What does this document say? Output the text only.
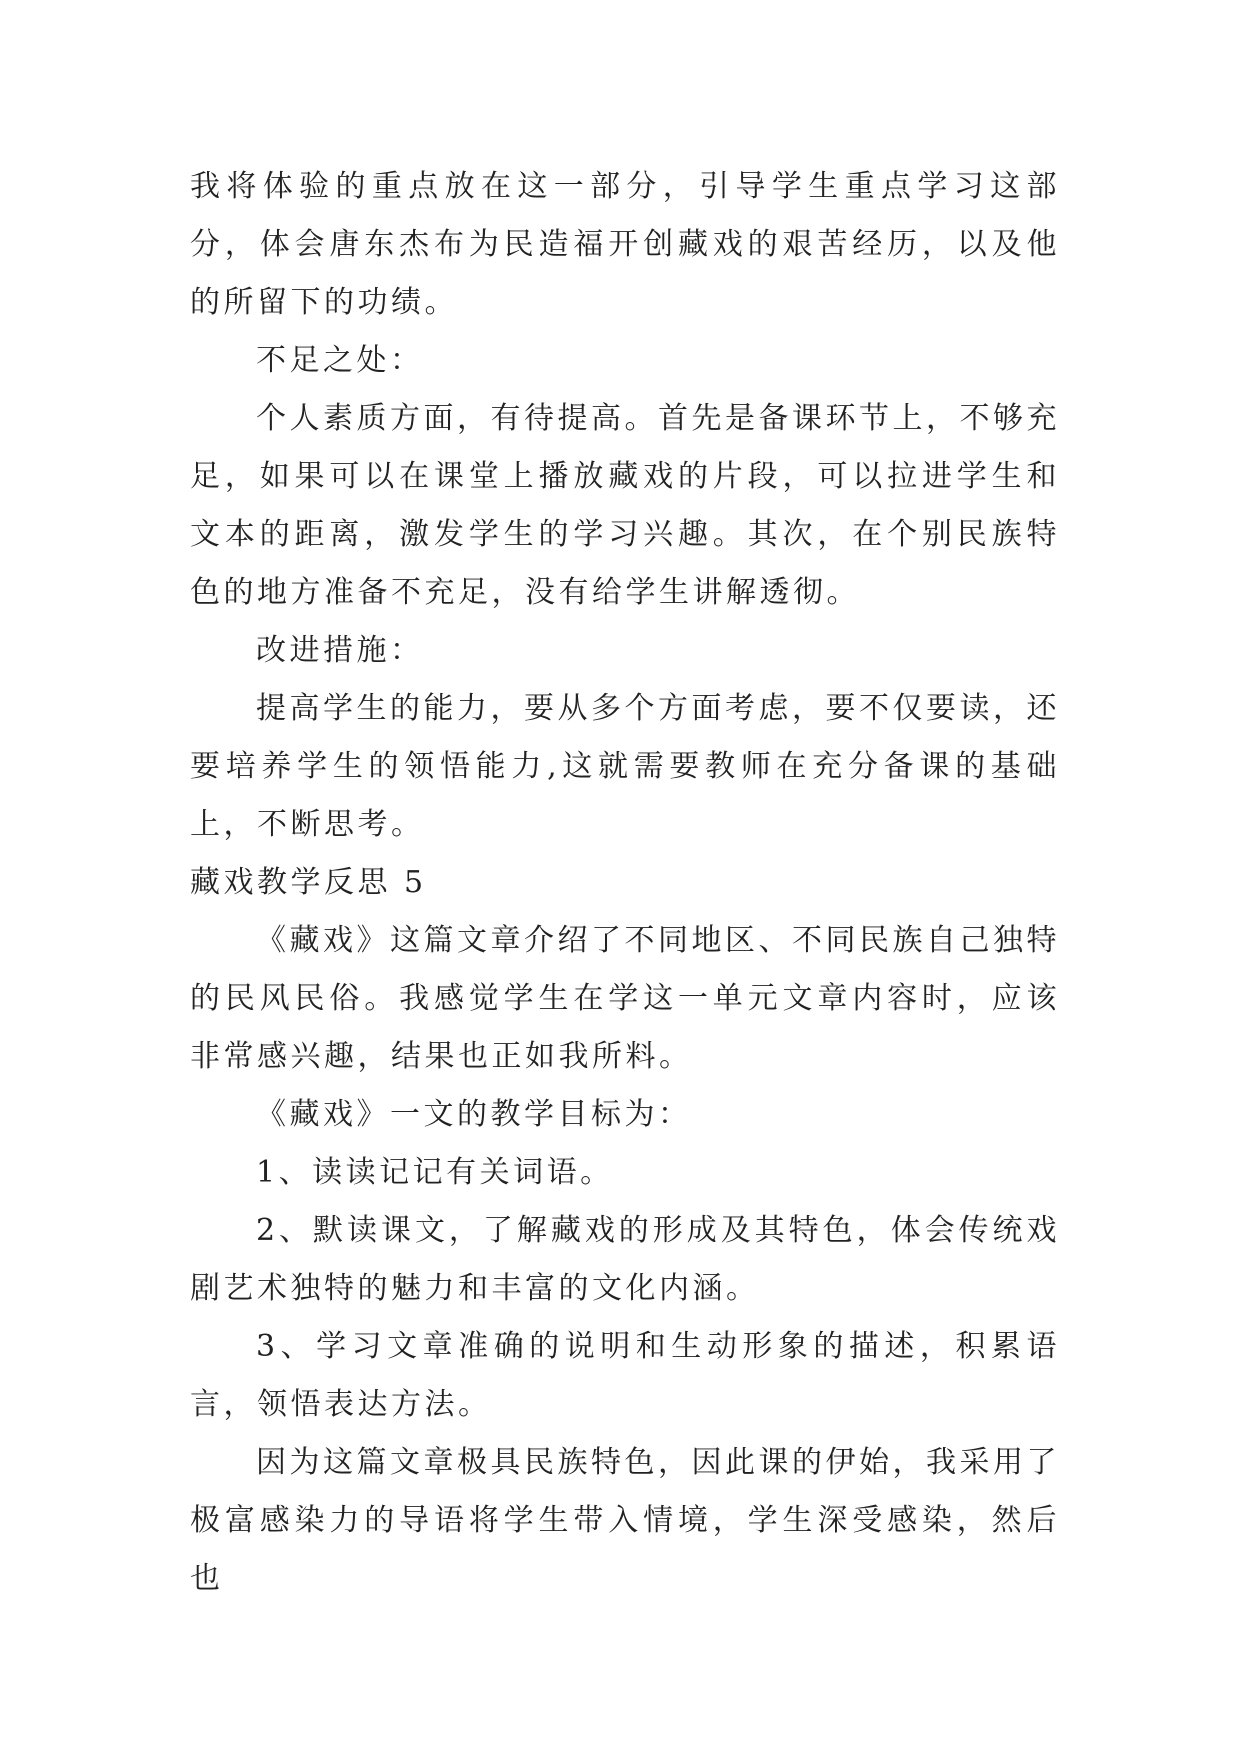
我将体验的重点放在这一部分，引导学生重点学习这部分，体会唐东杰布为民造福开创藏戏的艰苦经历，以及他的所留下的功绩。

不足之处：

个人素质方面，有待提高。首先是备课环节上，不够充足，如果可以在课堂上播放藏戏的片段，可以拉进学生和文本的距离，激发学生的学习兴趣。其次，在个别民族特色的地方准备不充足，没有给学生讲解透彻。

改进措施：

提高学生的能力，要从多个方面考虑，要不仅要读，还要培养学生的领悟能力,这就需要教师在充分备课的基础上，不断思考。

藏戏教学反思 5

《藏戏》这篇文章介绍了不同地区、不同民族自己独特的民风民俗。我感觉学生在学这一单元文章内容时，应该非常感兴趣，结果也正如我所料。

《藏戏》一文的教学目标为：

1、读读记记有关词语。

2、默读课文，了解藏戏的形成及其特色，体会传统戏剧艺术独特的魅力和丰富的文化内涵。

3、学习文章准确的说明和生动形象的描述，积累语言，领悟表达方法。

因为这篇文章极具民族特色，因此课的伊始，我采用了极富感染力的导语将学生带入情境，学生深受感染，然后也
